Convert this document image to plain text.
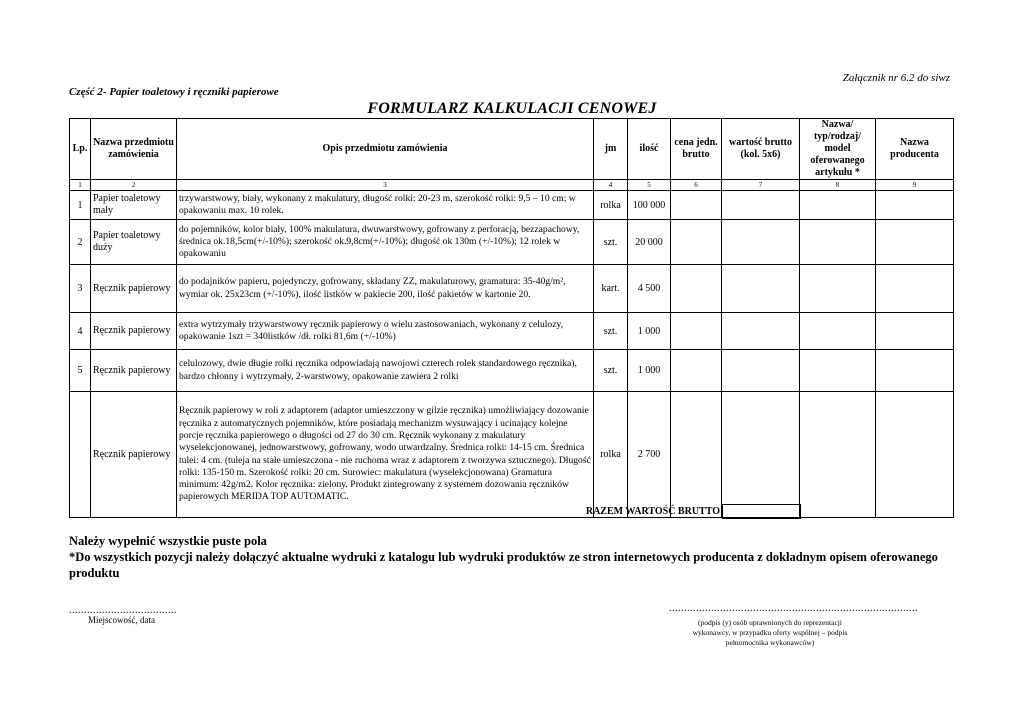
Załącznik nr 6.2 do siwz
Część 2- Papier toaletowy i ręczniki papierowe
FORMULARZ KALKULACJI CENOWEJ
Lp.	Nazwa przedmiotu zamówienia	Opis przedmiotu zamówienia	jm	ilość	cena jedn. brutto	wartość brutto (kol. 5x6)	Nazwa/ typ/rodzaj/ model oferowanego artykułu *	Nazwa producenta
1	2	3	4	5	6	7	8	9
1	Papier toaletowy mały	trzywarstwowy, biały, wykonany z makulatury, długość rolki: 20-23 m, szerokość rolki: 9,5 – 10 cm; w opakowaniu max. 10 rolek.	rolka	100 000				
2	Papier toaletowy duży	do pojemników, kolor biały, 100% makulatura, dwuwarstwowy, gofrowany z perforacją, bezzapachowy, średnica ok.18,5cm(+/-10%); szerokość ok.9,8cm(+/-10%); długość ok 130m (+/-10%); 12 rolek w opakowaniu	szt.	20 000				
3	Ręcznik papierowy	do podajników papieru, pojedynczy, gofrowany, składany ZZ, makulaturowy, gramatura: 35-40g/m², wymiar ok. 25x23cm (+/-10%), ilość listków w pakiecie 200, ilość pakietów w kartonie 20.	kart.	4 500				
4	Ręcznik papierowy	extra wytrzymały trzywarstwowy ręcznik papierowy o wielu zastosowaniach, wykonany z celulozy, opakowanie 1szt = 340listków /dł. rolki 81,6m (+/-10%)	szt.	1 000				
5	Ręcznik papierowy	celulozowy, dwie długie rolki ręcznika odpowiadają nawojowi czterech rolek standardowego ręcznika), bardzo chłonny i wytrzymały, 2-warstwowy, opakowanie zawiera 2 rolki	szt.	1 000				
	Ręcznik papierowy	Ręcznik papierowy w roli z adaptorem (adaptor umieszczony w gilzie ręcznika) umożliwiający dozowanie ręcznika z automatycznych pojemników, które posiadają mechanizm wysuwający i ucinający kolejne porcje ręcznika papierowego o długości od 27 do 30 cm. Ręcznik wykonany z makulatury wyselekcjonowanej, jednowarstwowy, gofrowany, wodo utwardzalny. Średnica rolki: 14-15 cm. Średnica tulei: 4 cm. (tuleja na stałe umieszczona - nie ruchoma wraz z adaptorem z tworzywa sztucznego). Długość rolki: 135-150 m. Szerokość rolki: 20 cm. Surowiec: makulatura (wyselekcjonowana) Gramatura minimum: 42g/m2. Kolor ręcznika: zielony. Produkt zintegrowany z systemem dozowania ręczników papierowych MERIDA TOP AUTOMATIC.	rolka	2 700				
RAZEM WARTOŚĆ BRUTTO
Należy wypełnić wszystkie puste pola
*Do wszystkich pozycji należy dołączyć aktualne wydruki z katalogu lub wydruki produktów ze stron internetowych producenta z dokładnym opisem oferowanego produktu
....................................
Miejscowość, data
...................................................................................
(podpis (y) osób uprawnionych do reprezentacji
wykonawcy, w przypadku oferty wspólnej – podpis
pełnomocnika wykonawców)
